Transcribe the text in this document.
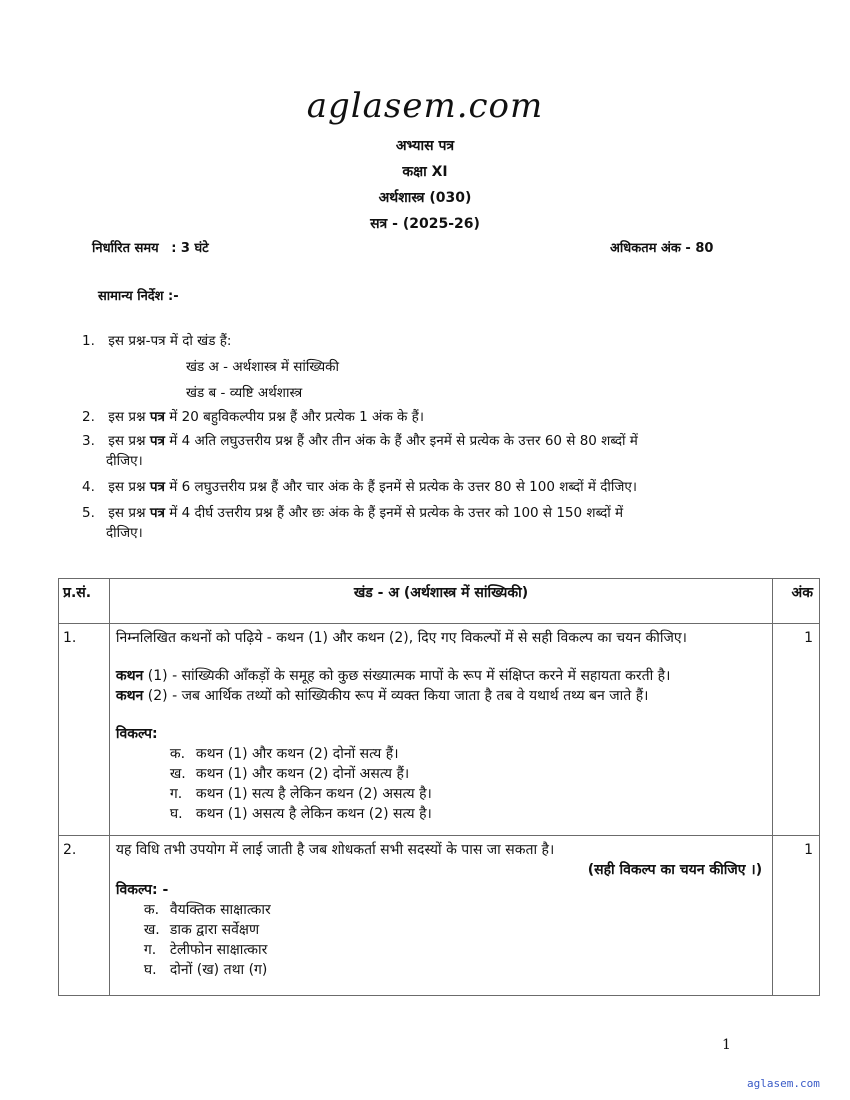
aglasem.com
अभ्यास पत्र
कक्षा XI
अर्थशास्त्र (030)
सत्र - (2025-26)
निर्धारित समय : 3 घंटे	अधिकतम अंक - 80
सामान्य निर्देश :-
1. इस प्रश्न-पत्र में दो खंड हैं:
खंड अ - अर्थशास्त्र में सांख्यिकी
खंड ब - व्यष्टि अर्थशास्त्र
2. इस प्रश्न पत्र में 20 बहुविकल्पीय प्रश्न हैं और प्रत्येक 1 अंक के हैं।
3. इस प्रश्न पत्र में 4 अति लघुउत्तरीय प्रश्न हैं और तीन अंक के हैं और इनमें से प्रत्येक के उत्तर 60 से 80 शब्दों में
दीजिए।
4. इस प्रश्न पत्र में 6 लघुउत्तरीय प्रश्न हैं और चार अंक के हैं इनमें से प्रत्येक के उत्तर 80 से 100 शब्दों में दीजिए।
5. इस प्रश्न पत्र में 4 दीर्घ उत्तरीय प्रश्न हैं और छः अंक के हैं इनमें से प्रत्येक के उत्तर को 100 से 150 शब्दों में
दीजिए।
प्र.सं.	खंड - अ (अर्थशास्त्र में सांख्यिकी)	अंक
1.	निम्नलिखित कथनों को पढ़िये - कथन (1) और कथन (2), दिए गए विकल्पों में से सही विकल्प का चयन कीजिए।
कथन (1) - सांख्यिकी आँकड़ों के समूह को कुछ संख्यात्मक मापों के रूप में संक्षिप्त करने में सहायता करती है।
कथन (2) - जब आर्थिक तथ्यों को सांख्यिकीय रूप में व्यक्त किया जाता है तब वे यथार्थ तथ्य बन जाते हैं।
विकल्प:
क. कथन (1) और कथन (2) दोनों सत्य हैं।
ख. कथन (1) और कथन (2) दोनों असत्य हैं।
ग. कथन (1) सत्य है लेकिन कथन (2) असत्य है।
घ. कथन (1) असत्य है लेकिन कथन (2) सत्य है।
	1
2.	यह विधि तभी उपयोग में लाई जाती है जब शोधकर्ता सभी सदस्यों के पास जा सकता है।
(सही विकल्प का चयन कीजिए ।)
विकल्प: -
क. वैयक्तिक साक्षात्कार
ख. डाक द्वारा सर्वेक्षण
ग. टेलीफोन साक्षात्कार
घ. दोनों (ख) तथा (ग)
	1
1
aglasem.com
